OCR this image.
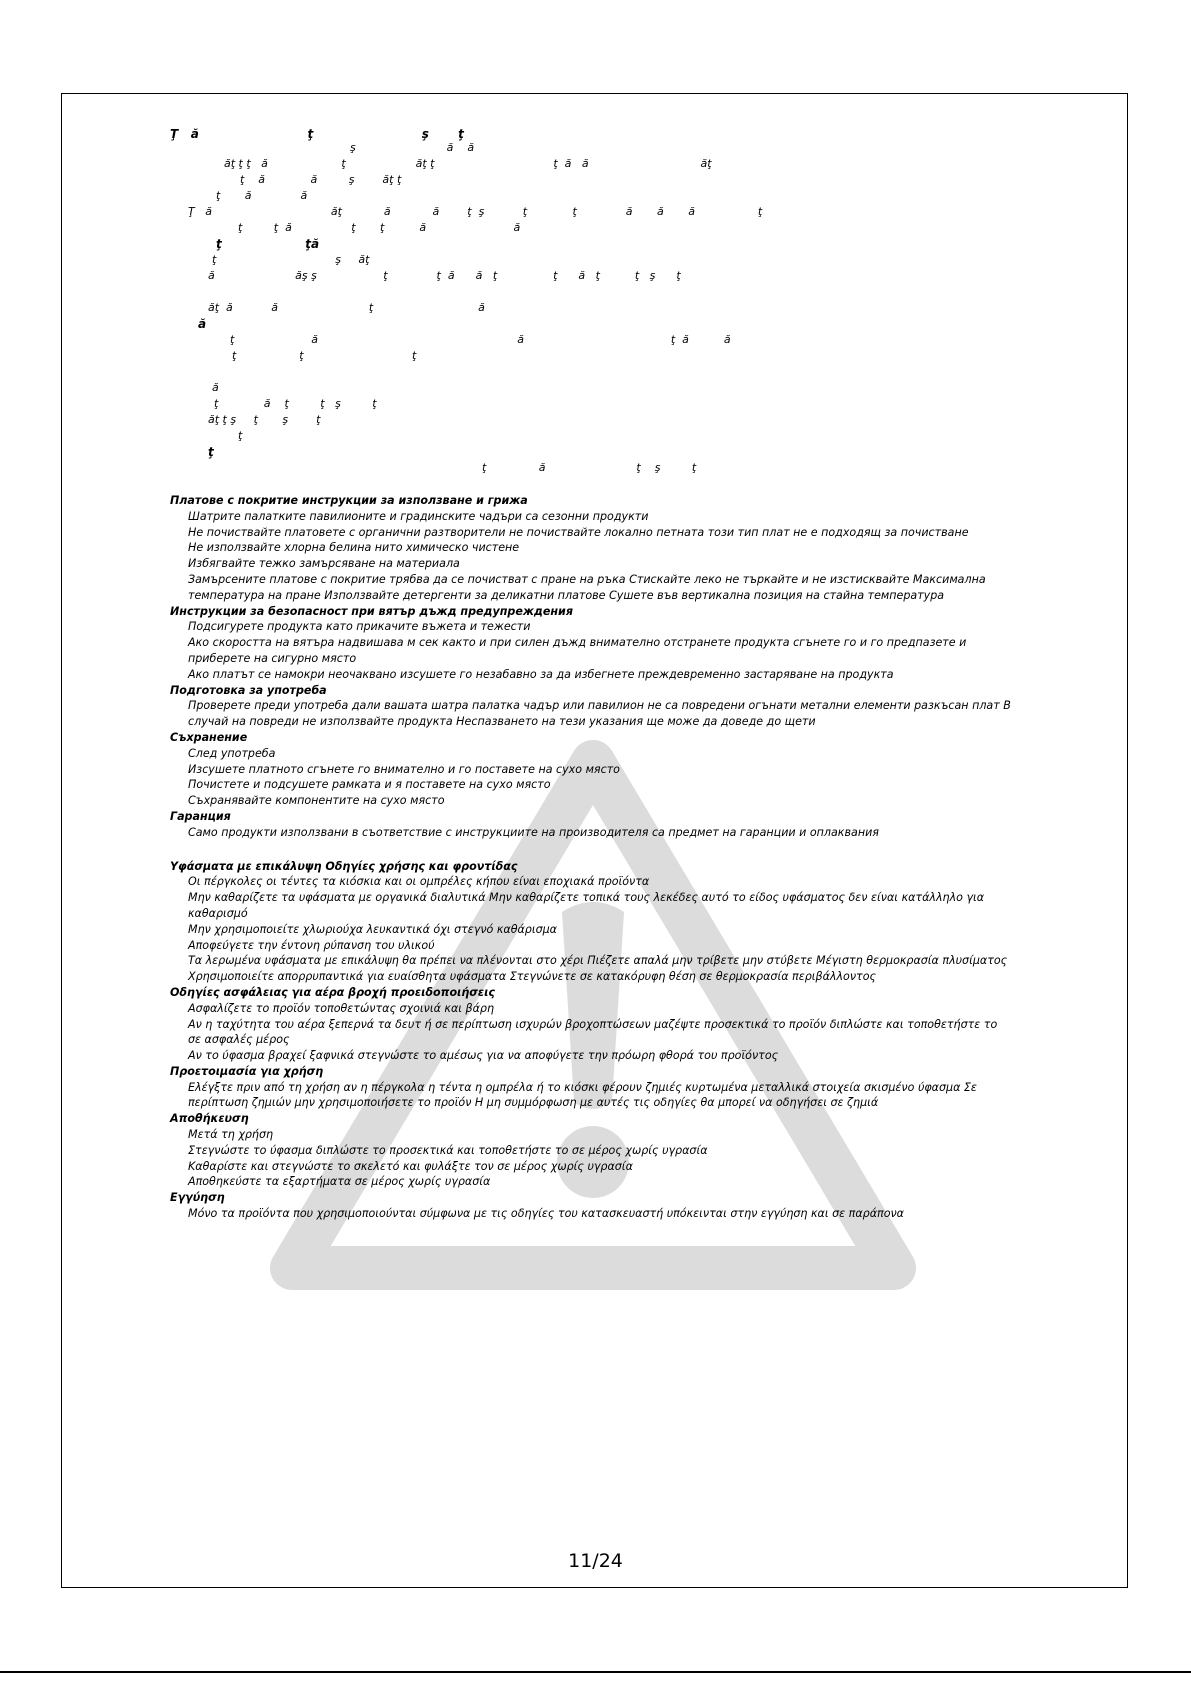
Ţ   ă                          ţ                          ş       ţ
ş                          ă    ă
ăţ ţ ţ   ă                     ţ                    ăţ ţ                                  ţ  ă   ă                                ăţ
ţ    ă             ă         ş        ăţ ţ
ţ       ă              ă
Ţ   ă                                  ăţ            ă            ă        ţ  ş           ţ             ţ              ă       ă       ă                  ţ
ţ         ţ  ă                 ţ       ţ          ă                         ă
ţ                    ţă
ţ                                  ş     ăţ
ă                       ăş ş                   ţ              ţ  ă      ă   ţ                ţ      ă   ţ          ţ   ş      ţ
ăţ  ă           ă                          ţ                              ă
ă
ţ                      ă                                                         ă                                          ţ  ă          ă
ţ                  ţ                               ţ
ă
ţ             ă    ţ         ţ   ş         ţ
ăţ ţ ş     ţ       ş        ţ
ţ
ţ
ţ               ă                          ţ    ş         ţ
Платове с покритие инструкции за използване и грижа
Шатрите палатките павилионите и градинските чадъри са сезонни продукти
Не почиствайте платовете с органични разтворители не почиствайте локално петната този тип плат не е подходящ за почистване
Не използвайте хлорна белина нито химическо чистене
Избягвайте тежко замърсяване на материала
Замърсените платове с покритие трябва да се почистват с пране на ръка Стискайте леко не търкайте и не изстисквайте Максимална
температура на пране Използвайте детергенти за деликатни платове Сушете във вертикална позиция на стайна температура
Инструкции за безопасност при вятър дъжд предупреждения
Подсигурете продукта като прикачите въжета и тежести
Ако скоростта на вятъра надвишава м сек както и при силен дъжд внимателно отстранете продукта сгънете го и го предпазете и
приберете на сигурно място
Ако платът се намокри неочаквано изсушете го незабавно за да избегнете преждевременно застаряване на продукта
Подготовка за употреба
Проверете преди употреба дали вашата шатра палатка чадър или павилион не са повредени огънати метални елементи разкъсан плат В
случай на повреди не използвайте продукта Неспазването на тези указания ще може да доведе до щети
Съхранение
След употреба
Изсушете платното сгънете го внимателно и го поставете на сухо място
Почистете и подсушете рамката и я поставете на сухо място
Съхранявайте компонентите на сухо място
Гаранция
Само продукти използвани в съответствие с инструкциите на производителя са предмет на гаранции и оплаквания
Υφάσματα με επικάλυψη Οδηγίες χρήσης και φροντίδας
Οι πέργκολες οι τέντες τα κιόσκια και οι ομπρέλες κήπου είναι εποχιακά προϊόντα
Μην καθαρίζετε τα υφάσματα με οργανικά διαλυτικά Μην καθαρίζετε τοπικά τους λεκέδες αυτό το είδος υφάσματος δεν είναι κατάλληλο για
καθαρισμό
Μην χρησιμοποιείτε χλωριούχα λευκαντικά όχι στεγνό καθάρισμα
Αποφεύγετε την έντονη ρύπανση του υλικού
Τα λερωμένα υφάσματα με επικάλυψη θα πρέπει να πλένονται στο χέρι Πιέζετε απαλά μην τρίβετε μην στύβετε Μέγιστη θερμοκρασία πλυσίματος
Χρησιμοποιείτε απορρυπαντικά για ευαίσθητα υφάσματα Στεγνώνετε σε κατακόρυφη θέση σε θερμοκρασία περιβάλλοντος
Οδηγίες ασφάλειας για αέρα βροχή προειδοποιήσεις
Ασφαλίζετε το προϊόν τοποθετώντας σχοινιά και βάρη
Αν η ταχύτητα του αέρα ξεπερνά τα δευτ ή σε περίπτωση ισχυρών βροχοπτώσεων μαζέψτε προσεκτικά το προϊόν διπλώστε και τοποθετήστε το
σε ασφαλές μέρος
Αν το ύφασμα βραχεί ξαφνικά στεγνώστε το αμέσως για να αποφύγετε την πρόωρη φθορά του προϊόντος
Προετοιμασία για χρήση
Ελέγξτε πριν από τη χρήση αν η πέργκολα η τέντα η ομπρέλα ή το κιόσκι φέρουν ζημιές κυρτωμένα μεταλλικά στοιχεία σκισμένο ύφασμα Σε
περίπτωση ζημιών μην χρησιμοποιήσετε το προϊόν Η μη συμμόρφωση με αυτές τις οδηγίες θα μπορεί να οδηγήσει σε ζημιά
Αποθήκευση
Μετά τη χρήση
Στεγνώστε το ύφασμα διπλώστε το προσεκτικά και τοποθετήστε το σε μέρος χωρίς υγρασία
Καθαρίστε και στεγνώστε το σκελετό και φυλάξτε τον σε μέρος χωρίς υγρασία
Αποθηκεύστε τα εξαρτήματα σε μέρος χωρίς υγρασία
Εγγύηση
Μόνο τα προϊόντα που χρησιμοποιούνται σύμφωνα με τις οδηγίες του κατασκευαστή υπόκεινται στην εγγύηση και σε παράπονα
11/24
